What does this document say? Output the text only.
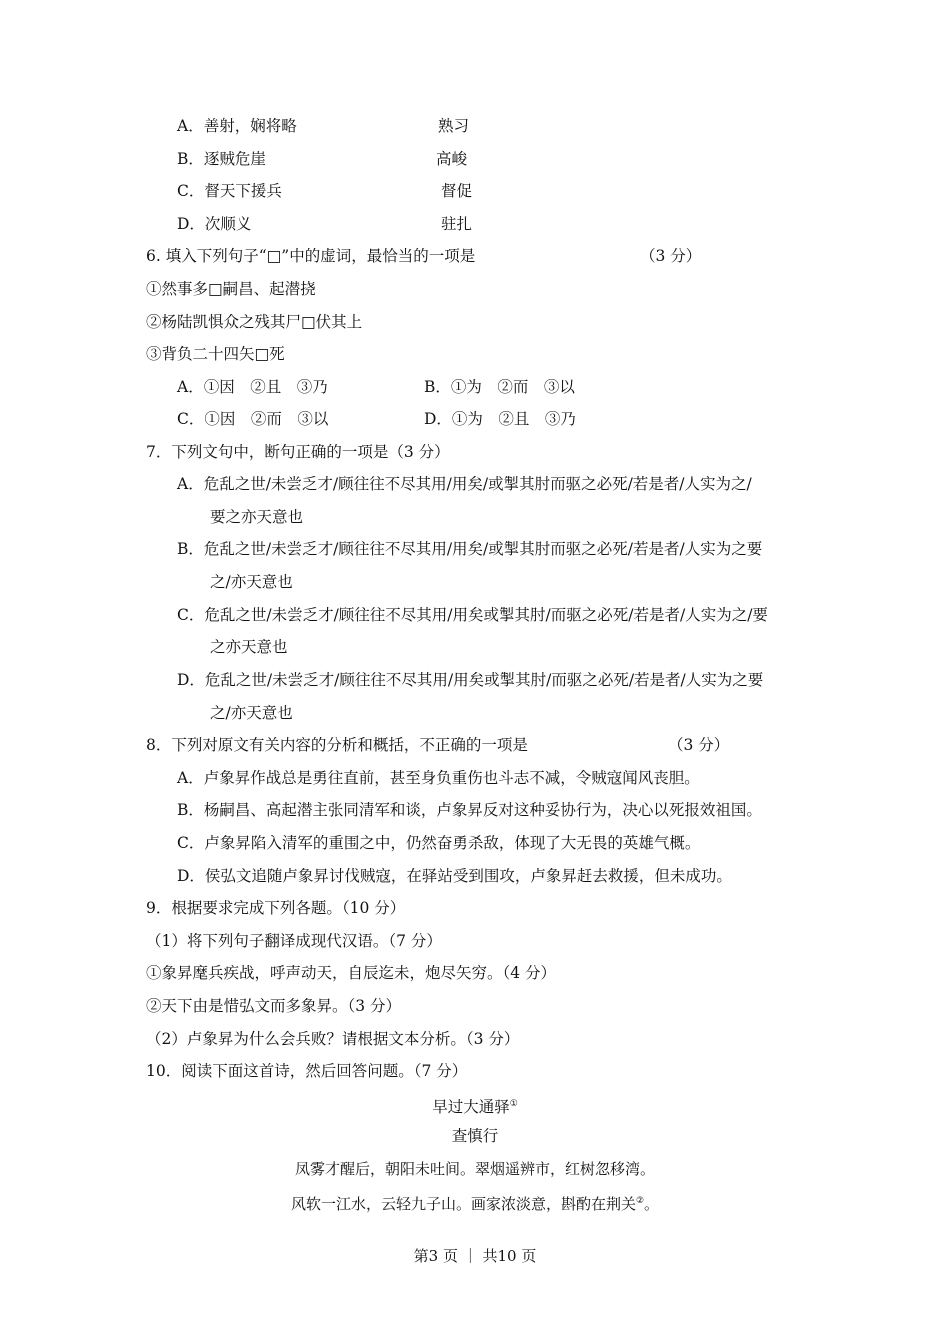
A．善射，娴将略	熟习
B．逐贼危崖	高峻
C．督天下援兵	督促
D．次顺义	驻扎
6. 填入下列句子“□”中的虚词，最恰当的一项是	（3 分）
①然事多□嗣昌、起潜挠
②杨陆凯惧众之残其尸□伏其上
③背负二十四矢□死
A．①因　②且　③乃	B．①为　②而　③以
C．①因　②而　③以	D．①为　②且　③乃
7．下列文句中，断句正确的一项是（3 分）
A．危乱之世/未尝乏才/顾往往不尽其用/用矣/或掣其肘而驱之必死/若是者/人实为之/
要之亦天意也
B．危乱之世/未尝乏才/顾往往不尽其用/用矣/或掣其肘而驱之必死/若是者/人实为之要
之/亦天意也
C．危乱之世/未尝乏才/顾往往不尽其用/用矣或掣其肘/而驱之必死/若是者/人实为之/要
之亦天意也
D．危乱之世/未尝乏才/顾往往不尽其用/用矣或掣其肘/而驱之必死/若是者/人实为之要
之/亦天意也
8．下列对原文有关内容的分析和概括，不正确的一项是	（3 分）
A．卢象昇作战总是勇往直前，甚至身负重伤也斗志不减，令贼寇闻风丧胆。
B．杨嗣昌、高起潜主张同清军和谈，卢象昇反对这种妥协行为，决心以死报效祖国。
C．卢象昇陷入清军的重围之中，仍然奋勇杀敌，体现了大无畏的英雄气概。
D．侯弘文追随卢象昇讨伐贼寇，在驿站受到围攻，卢象昇赶去救援，但未成功。
9．根据要求完成下列各题。（10 分）
（1）将下列句子翻译成现代汉语。（7 分）
①象昇麾兵疾战，呼声动天，自辰迄未，炮尽矢穷。（4 分）
②天下由是惜弘文而多象昇。（3 分）
（2）卢象昇为什么会兵败？请根据文本分析。（3 分）
10．阅读下面这首诗，然后回答问题。（7 分）
早过大通驿①
查慎行
凤雾才醒后，朝阳未吐间。翠烟遥辨市，红树忽移湾。
风软一江水，云轻九子山。画家浓淡意，斟酌在荆关②。
第3 页 ｜ 共10 页
